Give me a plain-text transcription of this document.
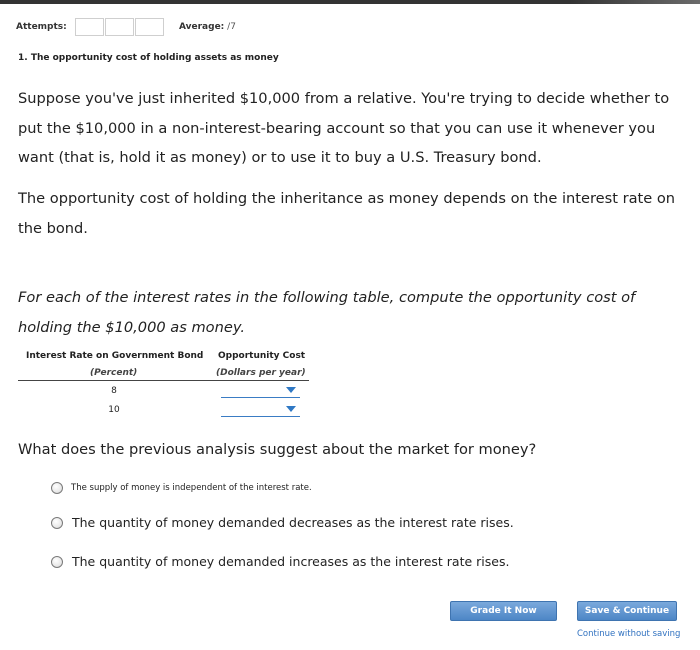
Attempts:	Average: /7
1. The opportunity cost of holding assets as money

Suppose you've just inherited $10,000 from a relative. You're trying to decide whether to put the $10,000 in a non-interest-bearing account so that you can use it whenever you want (that is, hold it as money) or to use it to buy a U.S. Treasury bond.

The opportunity cost of holding the inheritance as money depends on the interest rate on the bond.

For each of the interest rates in the following table, compute the opportunity cost of holding the $10,000 as money.

Interest Rate on Government Bond
(Percent)
Opportunity Cost
(Dollars per year)
8
10
What does the previous analysis suggest about the market for money?
The supply of money is independent of the interest rate.
The quantity of money demanded decreases as the interest rate rises.
The quantity of money demanded increases as the interest rate rises.
Grade It Now	Save & Continue
Continue without saving
